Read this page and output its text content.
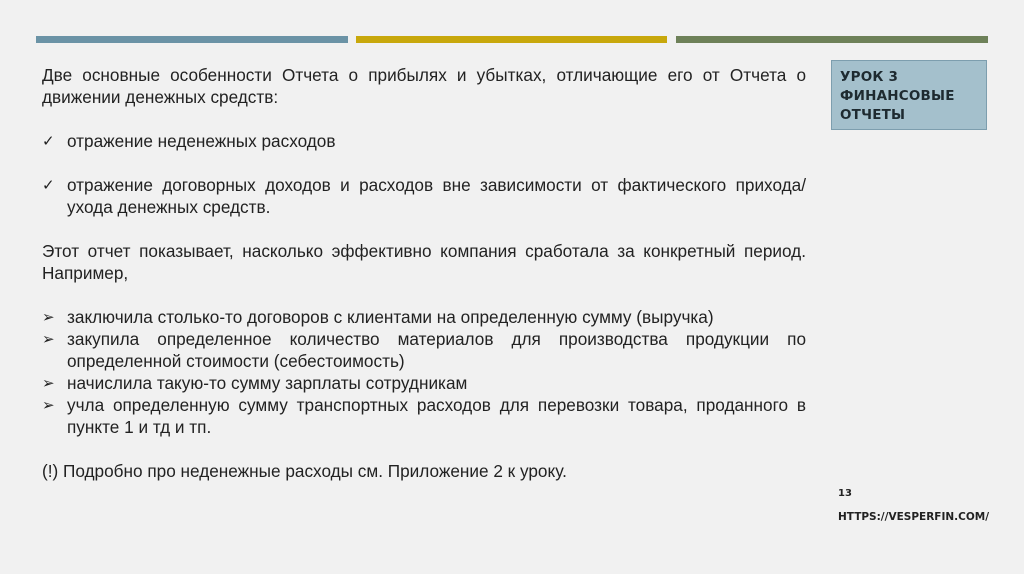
УРОК 3
ФИНАНСОВЫЕ
ОТЧЕТЫ

Две основные особенности Отчета о прибылях и убытках, отличающие его от Отчета о движении денежных средств:

✓ отражение неденежных расходов
✓ отражение договорных доходов и расходов вне зависимости от фактического прихода/ухода денежных средств.

Этот отчет показывает, насколько эффективно компания сработала за конкретный период. Например,

➢ заключила столько-то договоров с клиентами на определенную сумму (выручка)
➢ закупила определенное количество материалов для производства продукции по определенной стоимости (себестоимость)
➢ начислила такую-то сумму зарплаты сотрудникам
➢ учла определенную сумму транспортных расходов для перевозки товара, проданного в пункте 1 и тд и тп.

(!) Подробно про неденежные расходы см. Приложение 2 к уроку.

13
HTTPS://VESPERFIN.COM/
